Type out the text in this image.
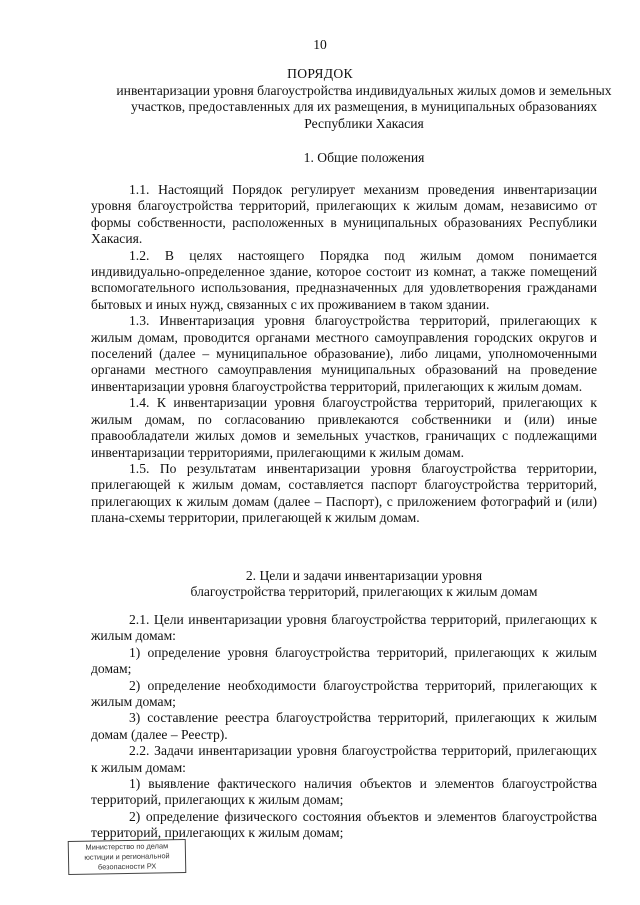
10
ПОРЯДОК
инвентаризации уровня благоустройства индивидуальных жилых домов и земельных участков, предоставленных для их размещения, в муниципальных образованиях Республики Хакасия
1. Общие положения

1.1. Настоящий Порядок регулирует механизм проведения инвентаризации уровня благоустройства территорий, прилегающих к жилым домам, независимо от формы собственности, расположенных в муниципальных образованиях Республики Хакасия.

1.2. В целях настоящего Порядка под жилым домом понимается индивидуально-определенное здание, которое состоит из комнат, а также помещений вспомогательного использования, предназначенных для удовлетворения гражданами бытовых и иных нужд, связанных с их проживанием в таком здании.

1.3. Инвентаризация уровня благоустройства территорий, прилегающих к жилым домам, проводится органами местного самоуправления городских округов и поселений (далее – муниципальное образование), либо лицами, уполномоченными органами местного самоуправления муниципальных образований на проведение инвентаризации уровня благоустройства территорий, прилегающих к жилым домам.

1.4. К инвентаризации уровня благоустройства территорий, прилегающих к жилым домам, по согласованию привлекаются собственники и (или) иные правообладатели жилых домов и земельных участков, граничащих с подлежащими инвентаризации территориями, прилегающими к жилым домам.

1.5. По результатам инвентаризации уровня благоустройства территории, прилегающей к жилым домам, составляется паспорт благоустройства территорий, прилегающих к жилым домам (далее – Паспорт), с приложением фотографий и (или) плана-схемы территории, прилегающей к жилым домам.

2. Цели и задачи инвентаризации уровня
благоустройства территорий, прилегающих к жилым домам

2.1. Цели инвентаризации уровня благоустройства территорий, прилегающих к жилым домам:

1) определение уровня благоустройства территорий, прилегающих к жилым домам;

2) определение необходимости благоустройства территорий, прилегающих к жилым домам;

3) составление реестра благоустройства территорий, прилегающих к жилым домам (далее – Реестр).

2.2. Задачи инвентаризации уровня благоустройства территорий, прилегающих к жилым домам:

1) выявление фактического наличия объектов и элементов благоустройства территорий, прилегающих к жилым домам;

2) определение физического состояния объектов и элементов благоустройства территорий, прилегающих к жилым домам;

Министерство по делам
юстиции и региональной
безопасности РХ
